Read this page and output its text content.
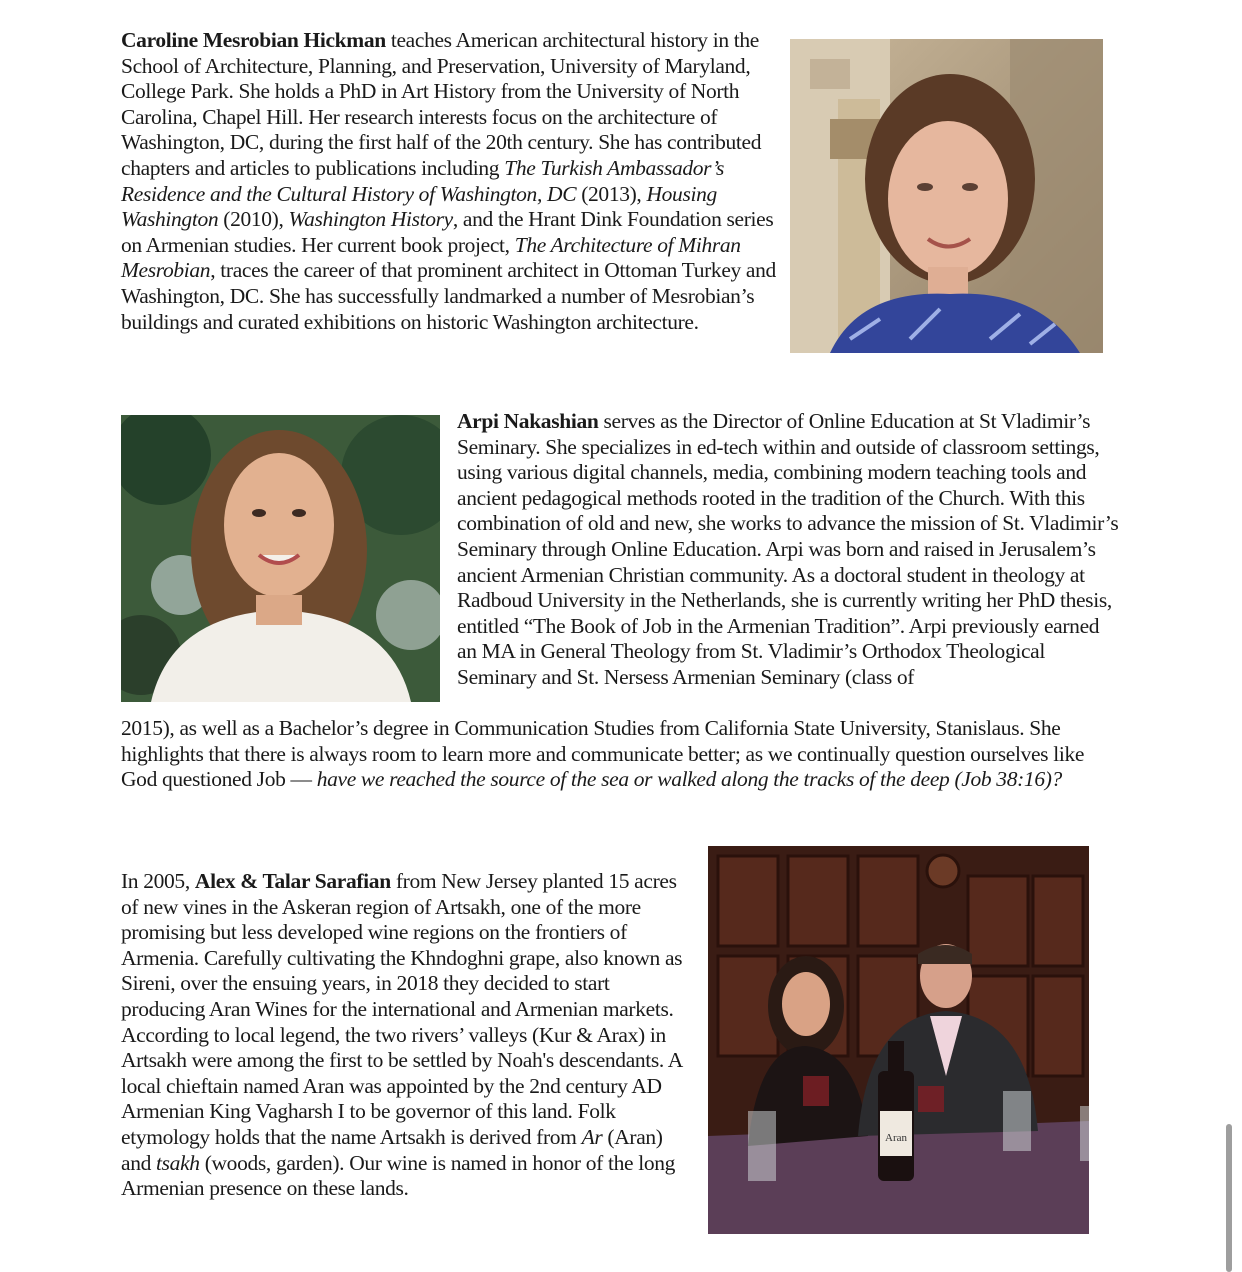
Caroline Mesrobian Hickman teaches American architectural history in the School of Architecture, Planning, and Preservation, University of Maryland, College Park. She holds a PhD in Art History from the University of North Carolina, Chapel Hill. Her research interests focus on the architecture of Washington, DC, during the first half of the 20th century. She has contributed chapters and articles to publications including The Turkish Ambassador’s Residence and the Cultural History of Washington, DC (2013), Housing Washington (2010), Washington History, and the Hrant Dink Foundation series on Armenian studies. Her current book project, The Architecture of Mihran Mesrobian, traces the career of that prominent architect in Ottoman Turkey and Washington, DC. She has successfully landmarked a number of Mesrobian’s buildings and curated exhibitions on historic Washington architecture.

Arpi Nakashian serves as the Director of Online Education at St Vladimir’s Seminary. She specializes in ed-tech within and outside of classroom settings, using various digital channels, media, combining modern teaching tools and ancient pedagogical methods rooted in the tradition of the Church. With this combination of old and new, she works to advance the mission of St. Vladimir’s Seminary through Online Education. Arpi was born and raised in Jerusalem’s ancient Armenian Christian community. As a doctoral student in theology at Radboud University in the Netherlands, she is currently writing her PhD thesis, entitled “The Book of Job in the Armenian Tradition”. Arpi previously earned an MA in General Theology from St. Vladimir’s Orthodox Theological Seminary and St. Nersess Armenian Seminary (class of

2015), as well as a Bachelor’s degree in Communication Studies from California State University, Stanislaus. She highlights that there is always room to learn more and communicate better; as we continually question ourselves like God questioned Job — have we reached the source of the sea or walked along the tracks of the deep (Job 38:16)?

In 2005, Alex & Talar Sarafian from New Jersey planted 15 acres of new vines in the Askeran region of Artsakh, one of the more promising but less developed wine regions on the frontiers of Armenia. Carefully cultivating the Khndoghni grape, also known as Sireni, over the ensuing years, in 2018 they decided to start producing Aran Wines for the international and Armenian markets. According to local legend, the two rivers’ valleys (Kur & Arax) in Artsakh were among the first to be settled by Noah's descendants. A local chieftain named Aran was appointed by the 2nd century AD Armenian King Vagharsh I to be governor of this land. Folk etymology holds that the name Artsakh is derived from Ar (Aran) and tsakh (woods, garden). Our wine is named in honor of the long Armenian presence on these lands.

Aran
